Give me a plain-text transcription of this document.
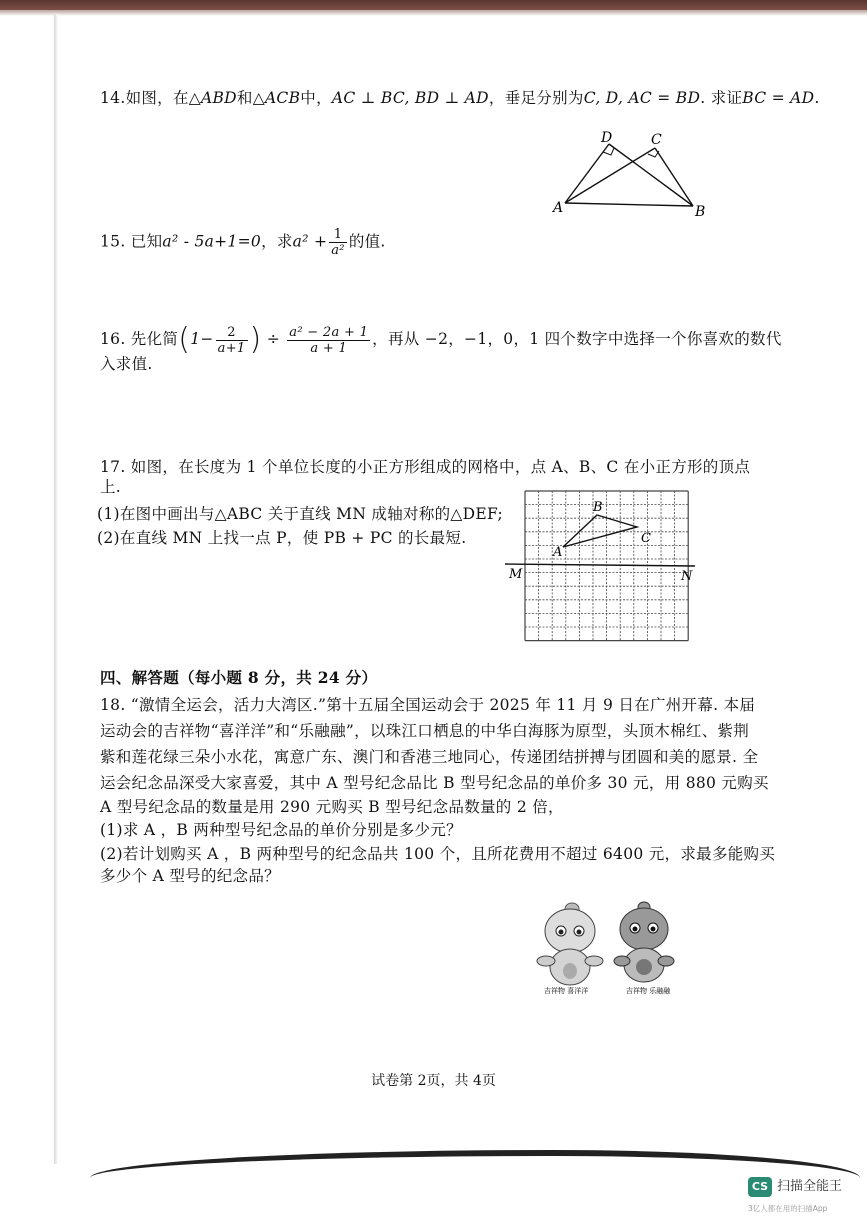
14.如图，在△ABD和△ACB中，AC ⊥ BC, BD ⊥ AD，垂足分别为C, D, AC = BD. 求证BC = AD.
A	B
D	C
15. 已知a² - 5a+1=0，求$a^2 + \frac{1}{\text{a²}}$ 的值.
16. 先化简($1- \frac{2}{a+1}$ ) ÷ $\frac{\text{a² − 2a + 1}}{a + 1}$ ，再从 −2，−1，0，1 四个数字中选择一个你喜欢的数代
入求值.
17. 如图，在长度为 1 个单位长度的小正方形组成的网格中，点 A、B、C 在小正方形的顶点
上.
(1)在图中画出与△ABC 关于直线 MN 成轴对称的△DEF;
(2)在直线 MN 上找一点 P，使 PB + PC 的长最短.
A
B
C
M	N
四、解答题（每小题 8 分，共 24 分）
18. “激情全运会，活力大湾区.”第十五届全国运动会于 2025 年 11 月 9 日在广州开幕. 本届
运动会的吉祥物“喜洋洋”和“乐融融”，以珠江口栖息的中华白海豚为原型，头顶木棉红、紫荆
紫和莲花绿三朵小水花，寓意广东、澳门和香港三地同心，传递团结拼搏与团圆和美的愿景. 全
运会纪念品深受大家喜爱，其中 A 型号纪念品比 B 型号纪念品的单价多 30 元，用 880 元购买
A 型号纪念品的数量是用 290 元购买 B 型号纪念品数量的 2 倍，
(1)求 A ，B 两种型号纪念品的单价分别是多少元？
(2)若计划购买 A ，B 两种型号的纪念品共 100 个，且所花费用不超过 6400 元，求最多能购买
多少个 A 型号的纪念品？
吉祥物 喜洋洋	吉祥物 乐融融
试卷第 2页，共 4页
CS 扫描全能王
3亿人都在用的扫描App
